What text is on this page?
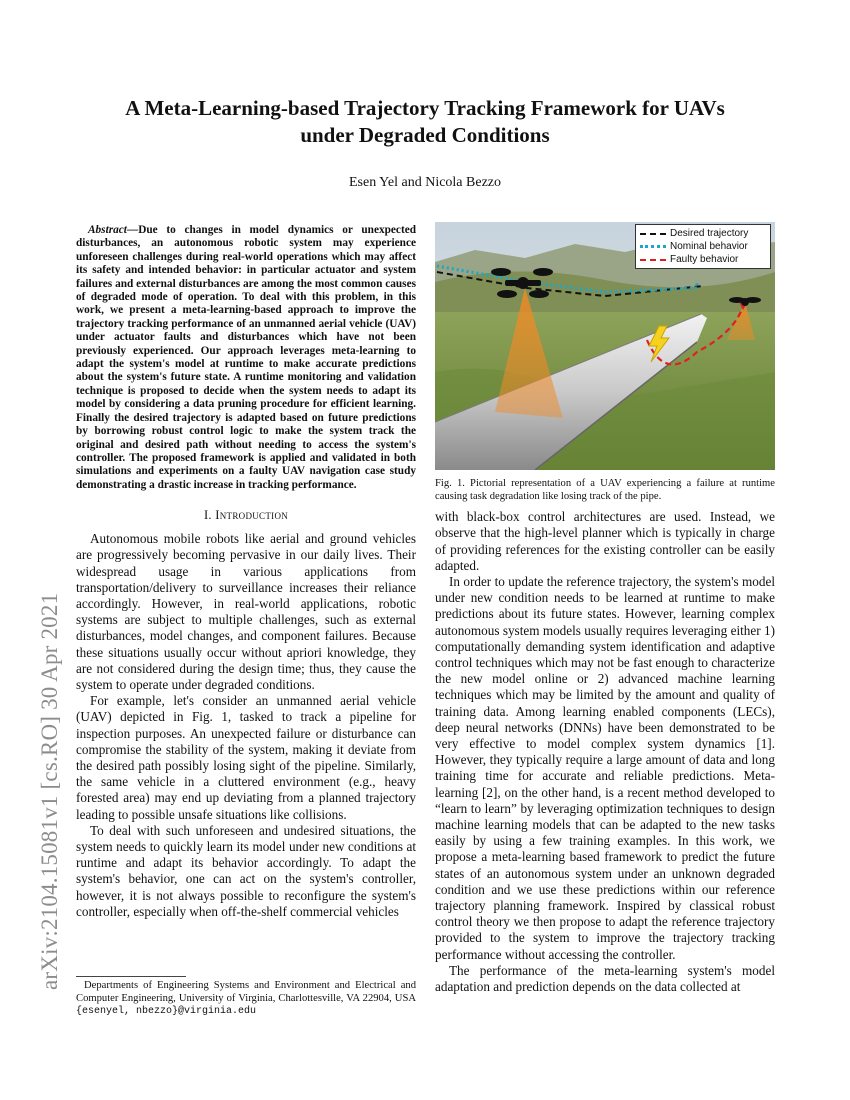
A Meta-Learning-based Trajectory Tracking Framework for UAVs
under Degraded Conditions
Esen Yel and Nicola Bezzo
arXiv:2104.15081v1 [cs.RO] 30 Apr 2021

Abstract—Due to changes in model dynamics or unexpected disturbances, an autonomous robotic system may experience unforeseen challenges during real-world operations which may affect its safety and intended behavior: in particular actuator and system failures and external disturbances are among the most common causes of degraded mode of operation. To deal with this problem, in this work, we present a meta-learning-based approach to improve the trajectory tracking performance of an unmanned aerial vehicle (UAV) under actuator faults and disturbances which have not been previously experienced. Our approach leverages meta-learning to adapt the system's model at runtime to make accurate predictions about the system's future state. A runtime monitoring and validation technique is proposed to decide when the system needs to adapt its model by considering a data pruning procedure for efficient learning. Finally the desired trajectory is adapted based on future predictions by borrowing robust control logic to make the system track the original and desired path without needing to access the system's controller. The proposed framework is applied and validated in both simulations and experiments on a faulty UAV navigation case study demonstrating a drastic increase in tracking performance.

I. Introduction

Autonomous mobile robots like aerial and ground vehicles are progressively becoming pervasive in our daily lives. Their widespread usage in various applications from transportation/delivery to surveillance increases their reliance accordingly. However, in real-world applications, robotic systems are subject to multiple challenges, such as external disturbances, model changes, and component failures. Because these situations usually occur without apriori knowledge, they are not considered during the design time; thus, they cause the system to operate under degraded conditions.

For example, let's consider an unmanned aerial vehicle (UAV) depicted in Fig. 1, tasked to track a pipeline for inspection purposes. An unexpected failure or disturbance can compromise the stability of the system, making it deviate from the desired path possibly losing sight of the pipeline. Similarly, the same vehicle in a cluttered environment (e.g., heavy forested area) may end up deviating from a planned trajectory leading to possible unsafe situations like collisions.

To deal with such unforeseen and undesired situations, the system needs to quickly learn its model under new conditions at runtime and adapt its behavior accordingly. To adapt the system's behavior, one can act on the system's controller, however, it is not always possible to reconfigure the system's controller, especially when off-the-shelf commercial vehicles

Departments of Engineering Systems and Environment and Electrical and Computer Engineering, University of Virginia, Charlottesville, VA 22904, USA {esenyel, nbezzo}@virginia.edu
Desired trajectory
Nominal behavior
Faulty behavior
Fig. 1. Pictorial representation of a UAV experiencing a failure at runtime causing task degradation like losing track of the pipe.

with black-box control architectures are used. Instead, we observe that the high-level planner which is typically in charge of providing references for the existing controller can be easily adapted.

In order to update the reference trajectory, the system's model under new condition needs to be learned at runtime to make predictions about its future states. However, learning complex autonomous system models usually requires leveraging either 1) computationally demanding system identification and adaptive control techniques which may not be fast enough to characterize the new model online or 2) advanced machine learning techniques which may be limited by the amount and quality of training data. Among learning enabled components (LECs), deep neural networks (DNNs) have been demonstrated to be very effective to model complex system dynamics [1]. However, they typically require a large amount of data and long training time for accurate and reliable predictions. Meta-learning [2], on the other hand, is a recent method developed to “learn to learn” by leveraging optimization techniques to design machine learning models that can be adapted to the new tasks easily by using a few training examples. In this work, we propose a meta-learning based framework to predict the future states of an autonomous system under an unknown degraded condition and we use these predictions within our reference trajectory planning framework. Inspired by classical robust control theory we then propose to adapt the reference trajectory provided to the system to improve the trajectory tracking performance without accessing the controller.

The performance of the meta-learning system's model adaptation and prediction depends on the data collected at
